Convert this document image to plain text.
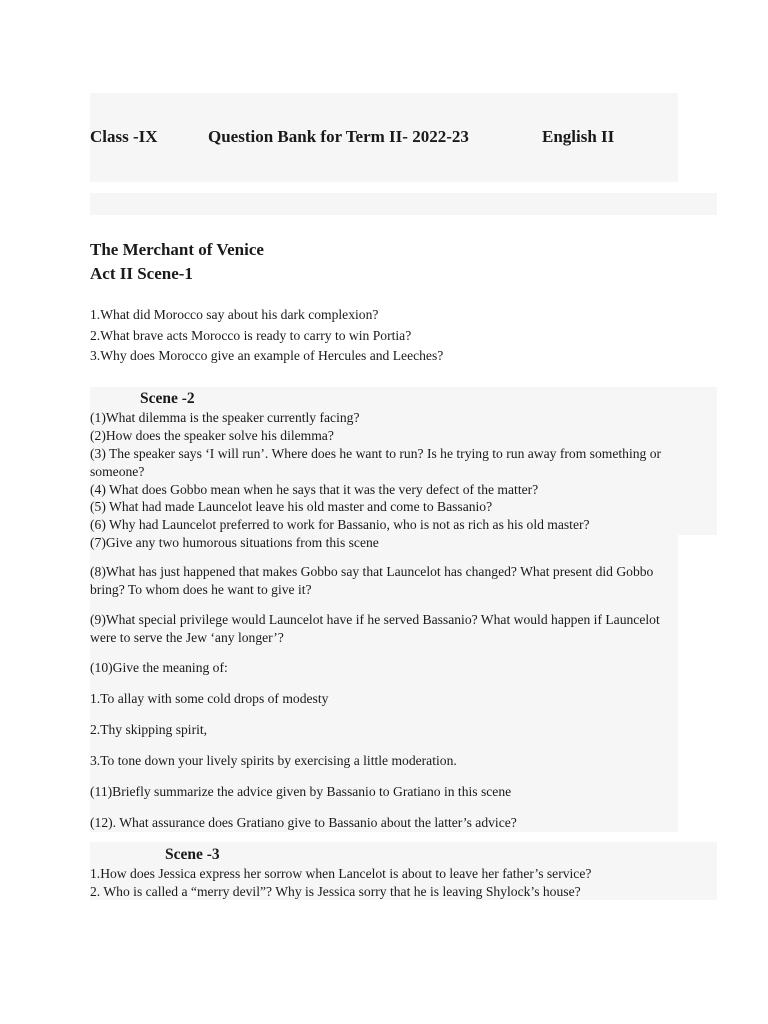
Class -IX	Question Bank for Term II- 2022-23	English II
The Merchant of Venice
Act II Scene-1
1.What did Morocco say about his dark complexion?
2.What brave acts Morocco is ready to carry to win Portia?
3.Why does Morocco give an example of Hercules and Leeches?
Scene -2
(1)What dilemma is the speaker currently facing?
(2)How does the speaker solve his dilemma?
(3) The speaker says ‘I will run’. Where does he want to run? Is he trying to run away from something or someone?
(4) What does Gobbo mean when he says that it was the very defect of the matter?
(5) What had made Launcelot leave his old master and come to Bassanio?
(6) Why had Launcelot preferred to work for Bassanio, who is not as rich as his old master?
(7)Give any two humorous situations from this scene
(8)What has just happened that makes Gobbo say that Launcelot has changed? What present did Gobbo bring? To whom does he want to give it?
(9)What special privilege would Launcelot have if he served Bassanio? What would happen if Launcelot were to serve the Jew ‘any longer’?
(10)Give the meaning of:
1.To allay with some cold drops of modesty
2.Thy skipping spirit,
3.To tone down your lively spirits by exercising a little moderation.
(11)Briefly summarize the advice given by Bassanio to Gratiano in this scene
(12). What assurance does Gratiano give to Bassanio about the latter’s advice?
Scene -3
1.How does Jessica express her sorrow when Lancelot is about to leave her father’s service?
2. Who is called a “merry devil”? Why is Jessica sorry that he is leaving Shylock’s house?
